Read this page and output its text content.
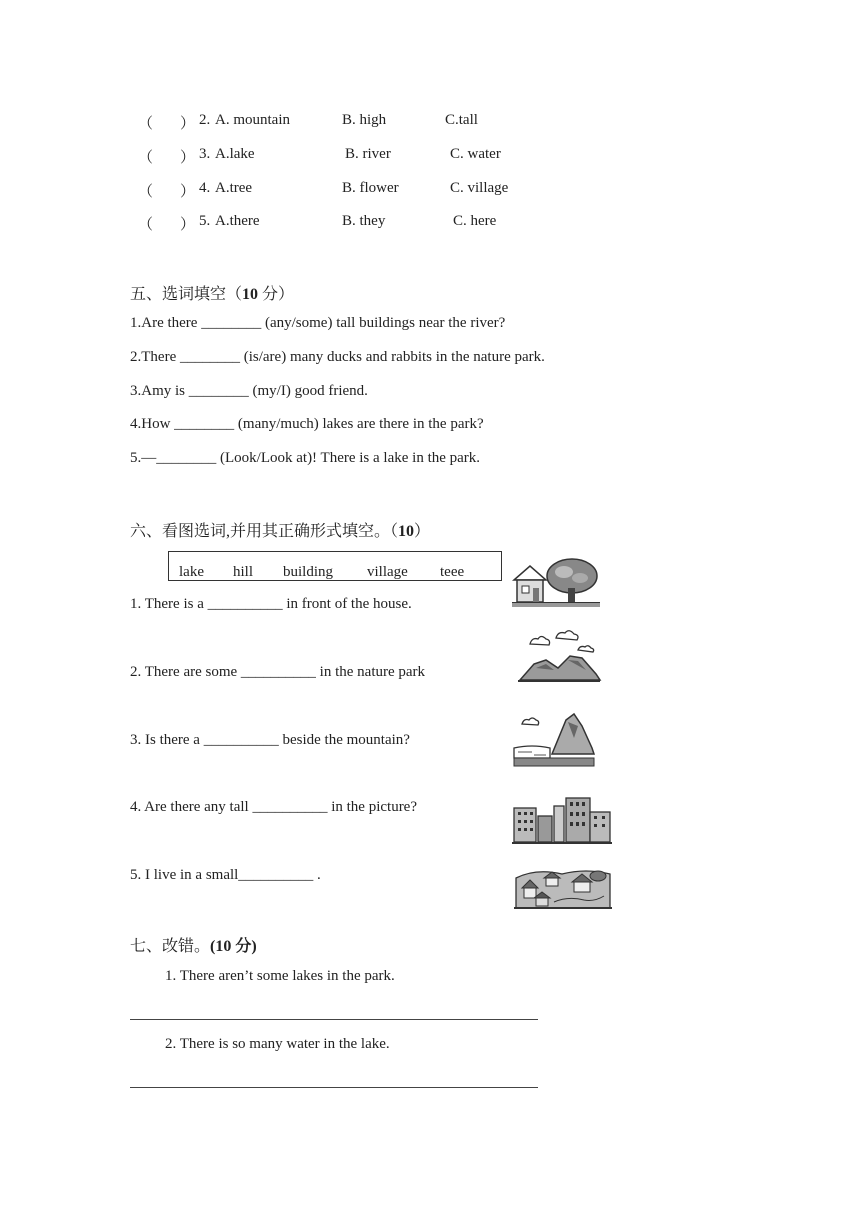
（ ） 2. A. mountain	B. high	C.tall
（ ） 3. A.lake	B. river	C. water
（ ） 4. A.tree	B. flower	C. village
（ ） 5. A.there	B. they	C. here
五、选词填空（10 分）
1.Are there ________ (any/some) tall buildings near the river?
2.There ________ (is/are) many ducks and rabbits in the nature park.
3.Amy is ________ (my/I) good friend.
4.How ________ (many/much) lakes are there in the park?
5.—________ (Look/Look at)! There is a lake in the park.
六、看图选词,并用其正确形式填空。（10）
lake hill building village teee
1. There is a __________ in front of the house.
2. There are some __________ in the nature park
3. Is there a __________ beside the mountain?
4. Are there any tall __________ in the picture?
5. I live in a small__________ .
七、改错。(10 分)
1. There aren’t some lakes in the park.
2. There is so many water in the lake.
